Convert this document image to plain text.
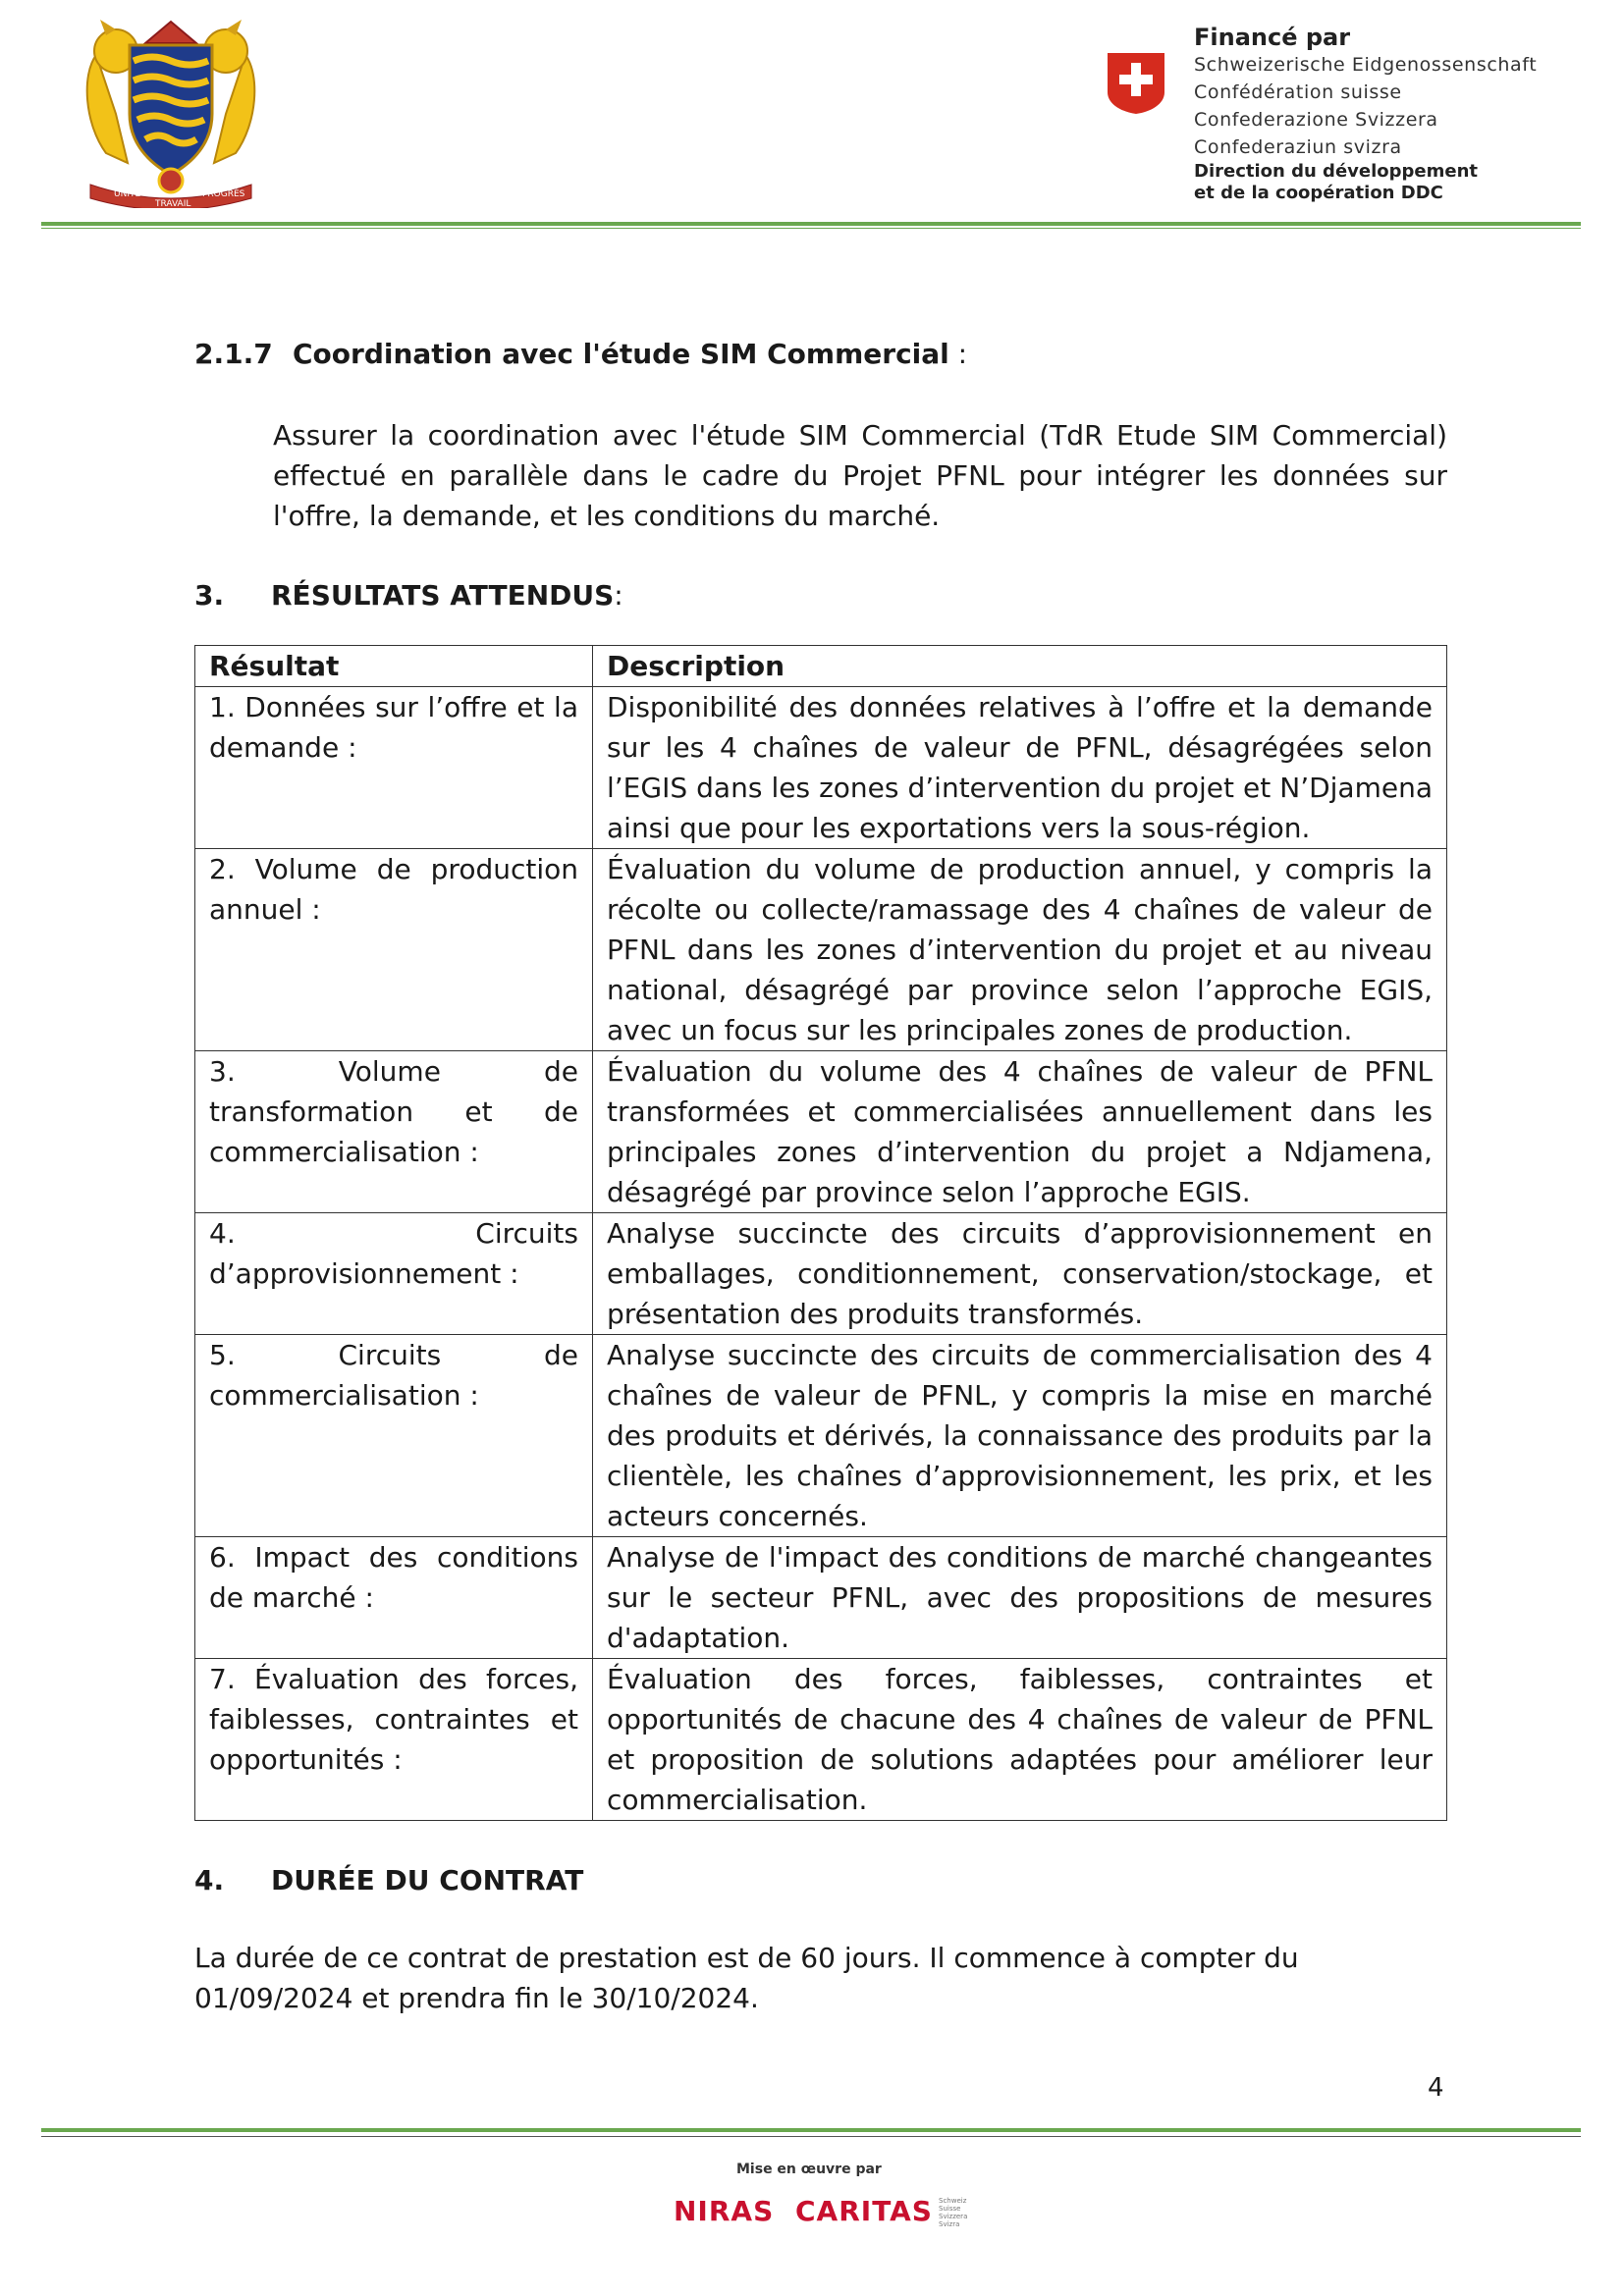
UNITÉ
TRAVAIL
PROGRÈS
Financé par
Schweizerische Eidgenossenschaft
Confédération suisse
Confederazione Svizzera
Confederaziun svizra
Direction du développement
et de la coopération DDC
2.1.7 Coordination avec l'étude SIM Commercial :
Assurer la coordination avec l'étude SIM Commercial (TdR Etude SIM Commercial) effectué en parallèle dans le cadre du Projet PFNL pour intégrer les données sur l'offre, la demande, et les conditions du marché.
3. RÉSULTATS ATTENDUS:
Résultat	Description
1. Données sur l’offre et la demande :	Disponibilité des données relatives à l’offre et la demande sur les 4 chaînes de valeur de PFNL, désagrégées selon l’EGIS dans les zones d’intervention du projet et N’Djamena ainsi que pour les exportations vers la sous-région.
2. Volume de production annuel :	Évaluation du volume de production annuel, y compris la récolte ou collecte/ramassage des 4 chaînes de valeur de PFNL dans les zones d’intervention du projet et au niveau national, désagrégé par province selon l’approche EGIS, avec un focus sur les principales zones de production.
3. Volume de transformation et de commercialisation :	Évaluation du volume des 4 chaînes de valeur de PFNL transformées et commercialisées annuellement dans les principales zones d’intervention du projet a Ndjamena, désagrégé par province selon l’approche EGIS.
4. Circuits d’approvisionnement :	Analyse succincte des circuits d’approvisionnement en emballages, conditionnement, conservation/stockage, et présentation des produits transformés.
5. Circuits de commercialisation :	Analyse succincte des circuits de commercialisation des 4 chaînes de valeur de PFNL, y compris la mise en marché des produits et dérivés, la connaissance des produits par la clientèle, les chaînes d’approvisionnement, les prix, et les acteurs concernés.
6. Impact des conditions de marché :	Analyse de l'impact des conditions de marché changeantes sur le secteur PFNL, avec des propositions de mesures d'adaptation.
7. Évaluation des forces, faiblesses, contraintes et opportunités :	Évaluation des forces, faiblesses, contraintes et opportunités de chacune des 4 chaînes de valeur de PFNL et proposition de solutions adaptées pour améliorer leur commercialisation.
4. DURÉE DU CONTRAT
La durée de ce contrat de prestation est de 60 jours. Il commence à compter du 01/09/2024 et prendra fin le 30/10/2024.
4
Mise en œuvre par
NIRAS CARITAS Schweiz Suisse Svizzera Svizra
